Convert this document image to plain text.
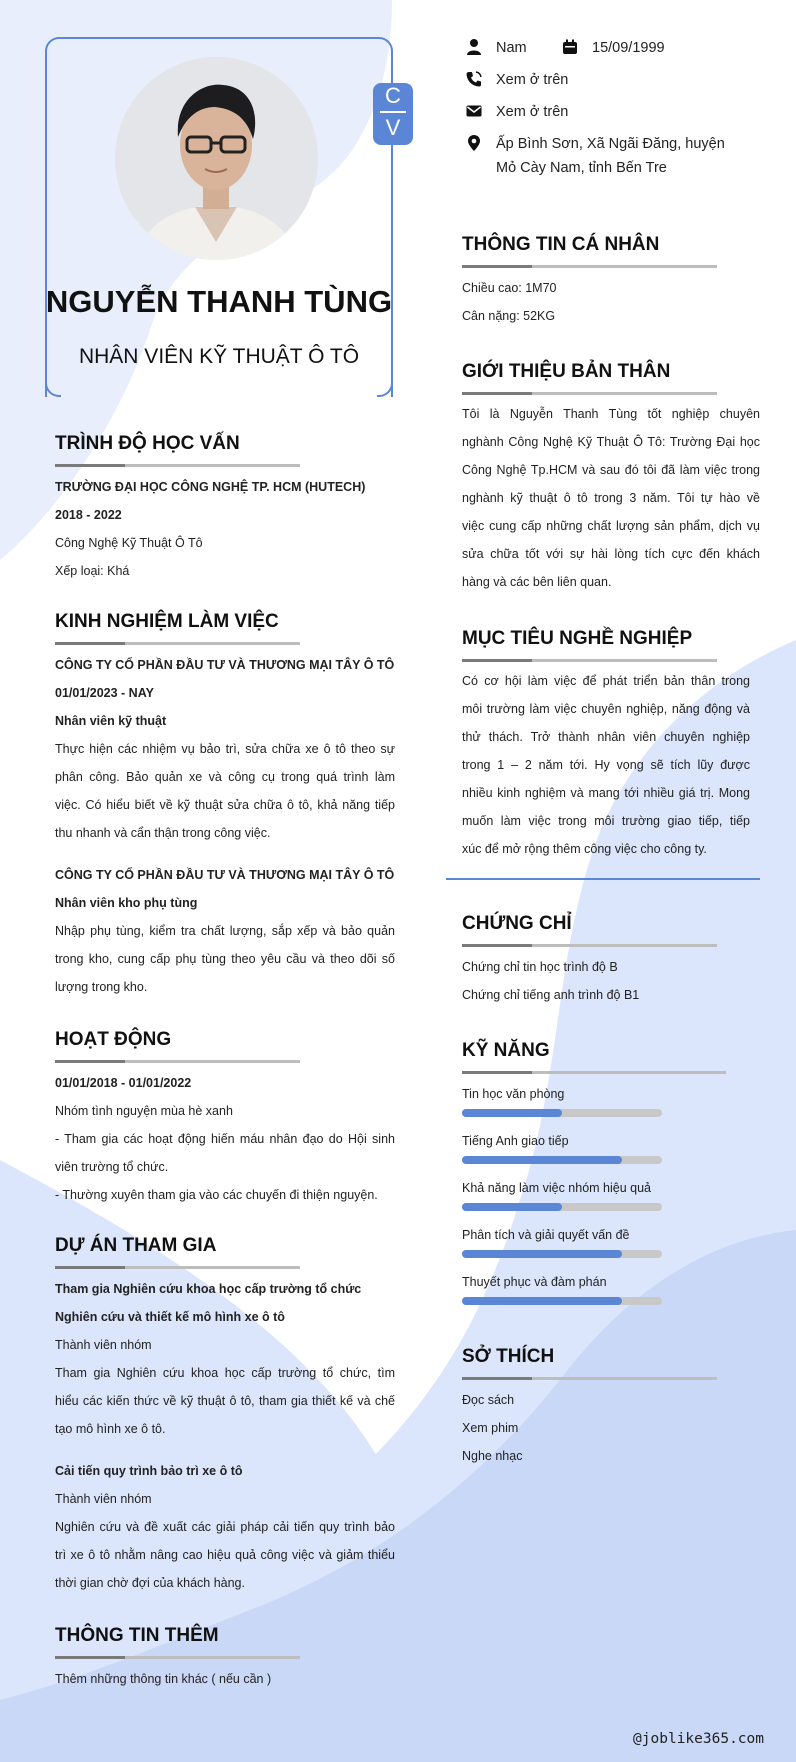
C
V
NGUYỄN THANH TÙNG
NHÂN VIÊN KỸ THUẬT Ô TÔ
TRÌNH ĐỘ HỌC VẤN
TRƯỜNG ĐẠI HỌC CÔNG NGHỆ TP. HCM (HUTECH)
2018 - 2022
Công Nghệ Kỹ Thuật Ô Tô
Xếp loại: Khá
KINH NGHIỆM LÀM VIỆC
CÔNG TY CỔ PHẦN ĐẦU TƯ VÀ THƯƠNG MẠI TÂY Ô TÔ
01/01/2023 - NAY
Nhân viên kỹ thuật
Thực hiện các nhiệm vụ bảo trì, sửa chữa xe ô tô theo sự
phân công. Bảo quản xe và công cụ trong quá trình làm
việc. Có hiểu biết về kỹ thuật sửa chữa ô tô, khả năng tiếp
thu nhanh và cẩn thận trong công việc.
CÔNG TY CỔ PHẦN ĐẦU TƯ VÀ THƯƠNG MẠI TÂY Ô TÔ
Nhân viên kho phụ tùng
Nhập phụ tùng, kiểm tra chất lượng, sắp xếp và bảo quản
trong kho, cung cấp phụ tùng theo yêu cầu và theo dõi số
lượng trong kho.
HOẠT ĐỘNG
01/01/2018 - 01/01/2022
Nhóm tình nguyện mùa hè xanh
- Tham gia các hoạt động hiến máu nhân đạo do Hội sinh
viên trường tổ chức.
- Thường xuyên tham gia vào các chuyến đi thiện nguyện.
DỰ ÁN THAM GIA
Tham gia Nghiên cứu khoa học cấp trường tổ chức
Nghiên cứu và thiết kế mô hình xe ô tô
Thành viên nhóm
Tham gia Nghiên cứu khoa học cấp trường tổ chức, tìm
hiểu các kiến thức về kỹ thuật ô tô, tham gia thiết kế và chế
tạo mô hình xe ô tô.
Cải tiến quy trình bảo trì xe ô tô
Thành viên nhóm
Nghiên cứu và đề xuất các giải pháp cải tiến quy trình bảo
trì xe ô tô nhằm nâng cao hiệu quả công việc và giảm thiểu
thời gian chờ đợi của khách hàng.
THÔNG TIN THÊM
Thêm những thông tin khác ( nếu cần )
Nam	15/09/1999
Xem ở trên
Xem ở trên
Ấp Bình Sơn, Xã Ngãi Đăng, huyện
Mỏ Cày Nam, tỉnh Bến Tre
THÔNG TIN CÁ NHÂN
Chiều cao: 1M70
Cân nặng: 52KG
GIỚI THIỆU BẢN THÂN
Tôi là Nguyễn Thanh Tùng tốt nghiệp chuyên
nghành Công Nghệ Kỹ Thuật Ô Tô: Trường Đại học
Công Nghệ Tp.HCM và sau đó tôi đã làm việc trong
nghành kỹ thuật ô tô trong 3 năm. Tôi tự hào về
việc cung cấp những chất lượng sản phẩm, dịch vụ
sửa chữa tốt với sự hài lòng tích cực đến khách
hàng và các bên liên quan.
MỤC TIÊU NGHỀ NGHIỆP
Có cơ hội làm việc để phát triển bản thân trong
môi trường làm việc chuyên nghiệp, năng động và
thử thách. Trở thành nhân viên chuyên nghiệp
trong 1 – 2 năm tới. Hy vọng sẽ tích lũy được
nhiều kinh nghiệm và mang tới nhiều giá trị. Mong
muốn làm việc trong môi trường giao tiếp, tiếp
xúc để mở rộng thêm công việc cho công ty.
CHỨNG CHỈ
Chứng chỉ tin học trình độ B
Chứng chỉ tiếng anh trình độ B1
KỸ NĂNG
Tin học văn phòng
Tiếng Anh giao tiếp
Khả năng làm việc nhóm hiệu quả
Phân tích và giải quyết vấn đề
Thuyết phục và đàm phán
SỞ THÍCH
Đọc sách
Xem phim
Nghe nhạc
@joblike365.com
